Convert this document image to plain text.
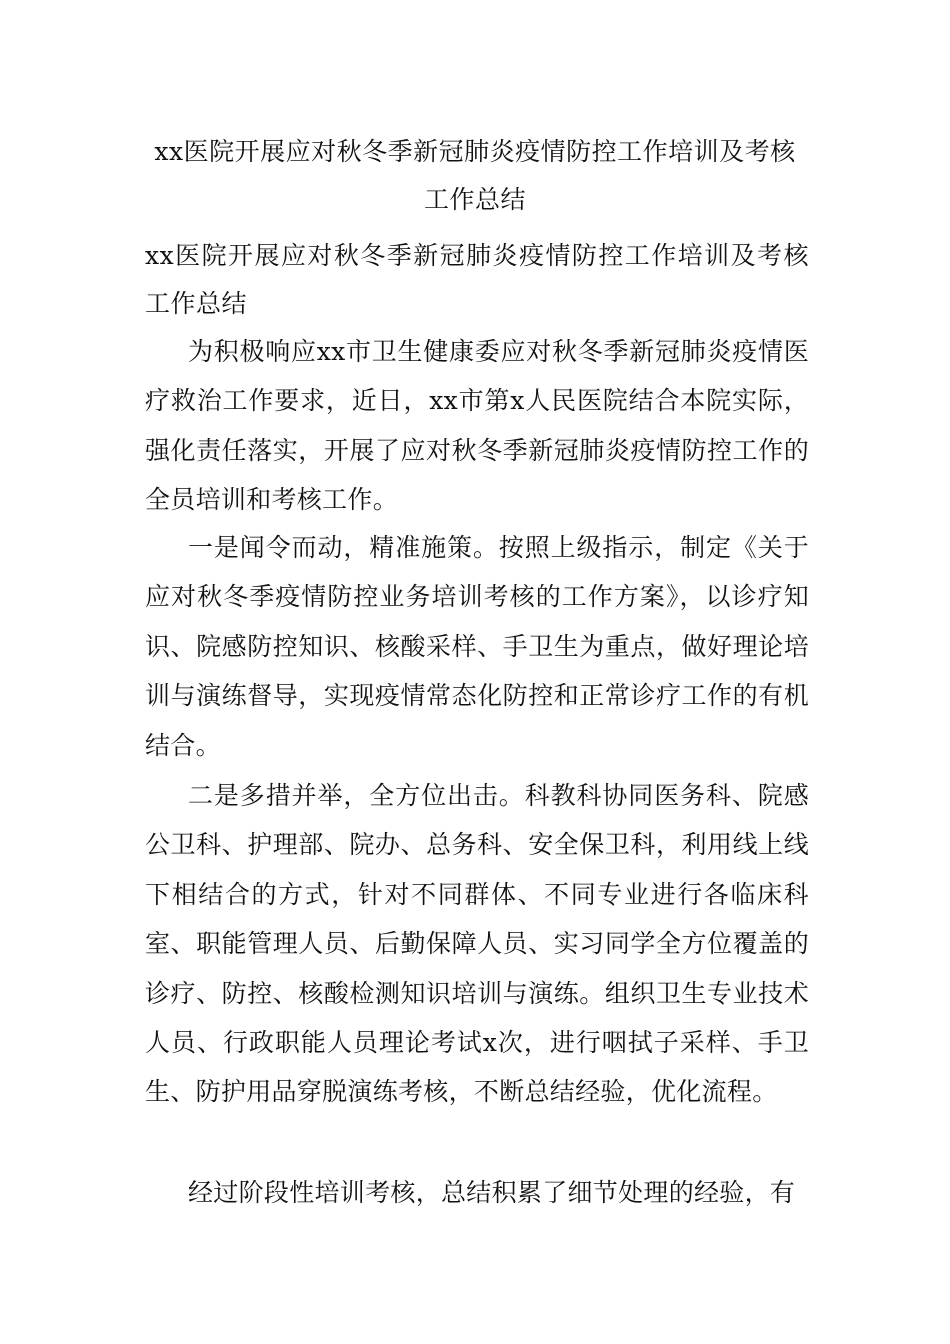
xx医院开展应对秋冬季新冠肺炎疫情防控工作培训及考核工作总结
xx医院开展应对秋冬季新冠肺炎疫情防控工作培训及考核工作总结
为积极响应xx市卫生健康委应对秋冬季新冠肺炎疫情医疗救治工作要求，近日，xx市第x人民医院结合本院实际，强化责任落实，开展了应对秋冬季新冠肺炎疫情防控工作的全员培训和考核工作。
一是闻令而动，精准施策。按照上级指示，制定《关于应对秋冬季疫情防控业务培训考核的工作方案》，以诊疗知识、院感防控知识、核酸采样、手卫生为重点，做好理论培训与演练督导，实现疫情常态化防控和正常诊疗工作的有机结合。
二是多措并举，全方位出击。科教科协同医务科、院感公卫科、护理部、院办、总务科、安全保卫科，利用线上线下相结合的方式，针对不同群体、不同专业进行各临床科室、职能管理人员、后勤保障人员、实习同学全方位覆盖的诊疗、防控、核酸检测知识培训与演练。组织卫生专业技术人员、行政职能人员理论考试x次，进行咽拭子采样、手卫生、防护用品穿脱演练考核，不断总结经验，优化流程。
经过阶段性培训考核，总结积累了细节处理的经验，有
